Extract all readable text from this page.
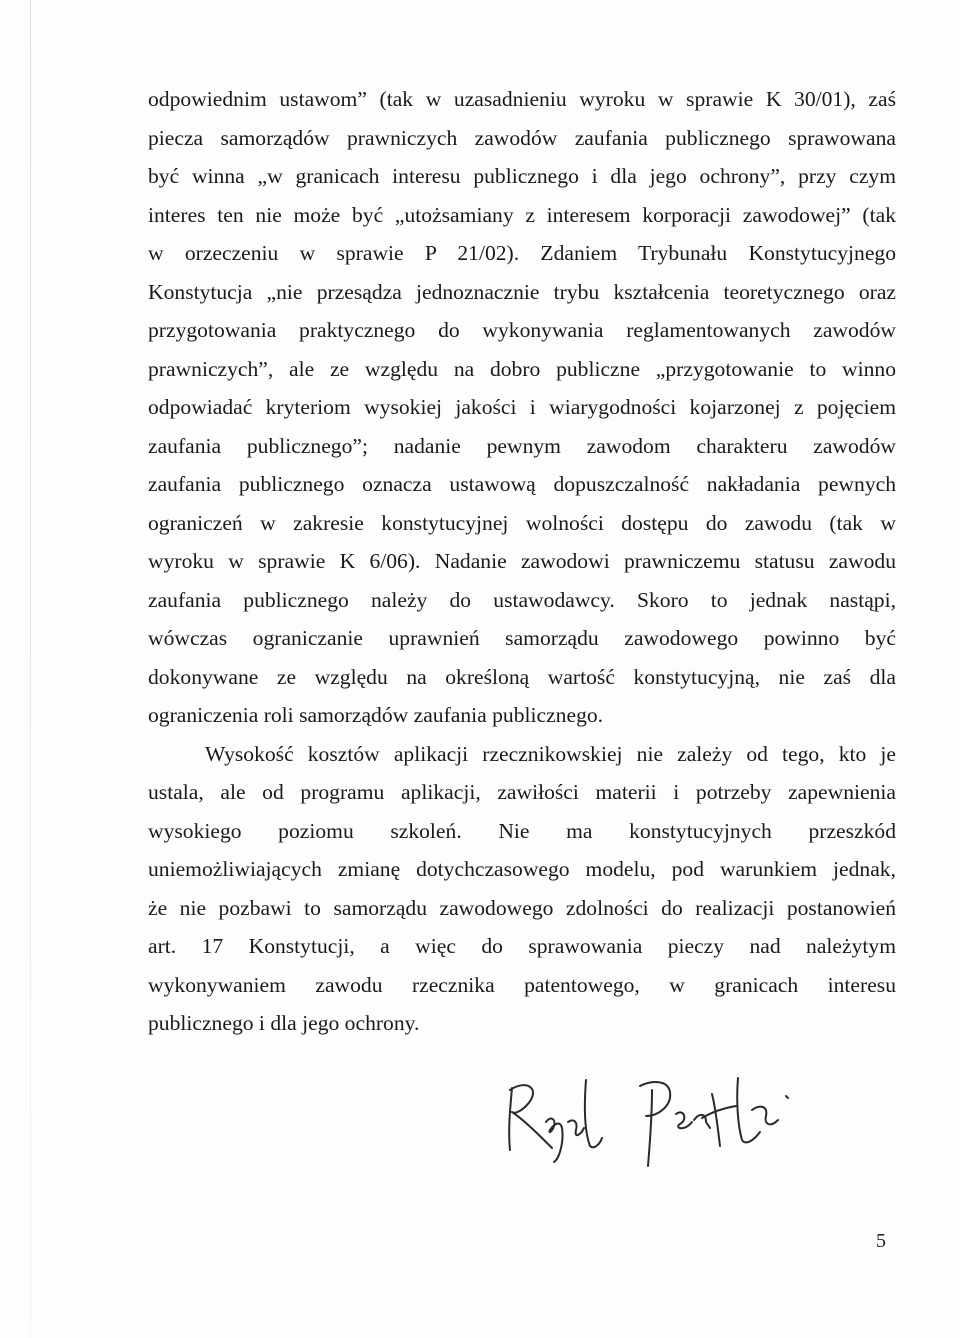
odpowiednim ustawom” (tak w uzasadnieniu wyroku w sprawie K 30/01), zaś
piecza samorządów prawniczych zawodów zaufania publicznego sprawowana
być winna „w granicach interesu publicznego i dla jego ochrony”, przy czym
interes ten nie może być „utożsamiany z interesem korporacji zawodowej” (tak
w orzeczeniu w sprawie P 21/02). Zdaniem Trybunału Konstytucyjnego
Konstytucja „nie przesądza jednoznacznie trybu kształcenia teoretycznego oraz
przygotowania praktycznego do wykonywania reglamentowanych zawodów
prawniczych”, ale ze względu na dobro publiczne „przygotowanie to winno
odpowiadać kryteriom wysokiej jakości i wiarygodności kojarzonej z pojęciem
zaufania publicznego”; nadanie pewnym zawodom charakteru zawodów
zaufania publicznego oznacza ustawową dopuszczalność nakładania pewnych
ograniczeń w zakresie konstytucyjnej wolności dostępu do zawodu (tak w
wyroku w sprawie K 6/06). Nadanie zawodowi prawniczemu statusu zawodu
zaufania publicznego należy do ustawodawcy. Skoro to jednak nastąpi,
wówczas ograniczanie uprawnień samorządu zawodowego powinno być
dokonywane ze względu na określoną wartość konstytucyjną, nie zaś dla
ograniczenia roli samorządów zaufania publicznego.
Wysokość kosztów aplikacji rzecznikowskiej nie zależy od tego, kto je
ustala, ale od programu aplikacji, zawiłości materii i potrzeby zapewnienia
wysokiego poziomu szkoleń. Nie ma konstytucyjnych przeszkód
uniemożliwiających zmianę dotychczasowego modelu, pod warunkiem jednak,
że nie pozbawi to samorządu zawodowego zdolności do realizacji postanowień
art. 17 Konstytucji, a więc do sprawowania pieczy nad należytym
wykonywaniem zawodu rzecznika patentowego, w granicach interesu
publicznego i dla jego ochrony.
5
